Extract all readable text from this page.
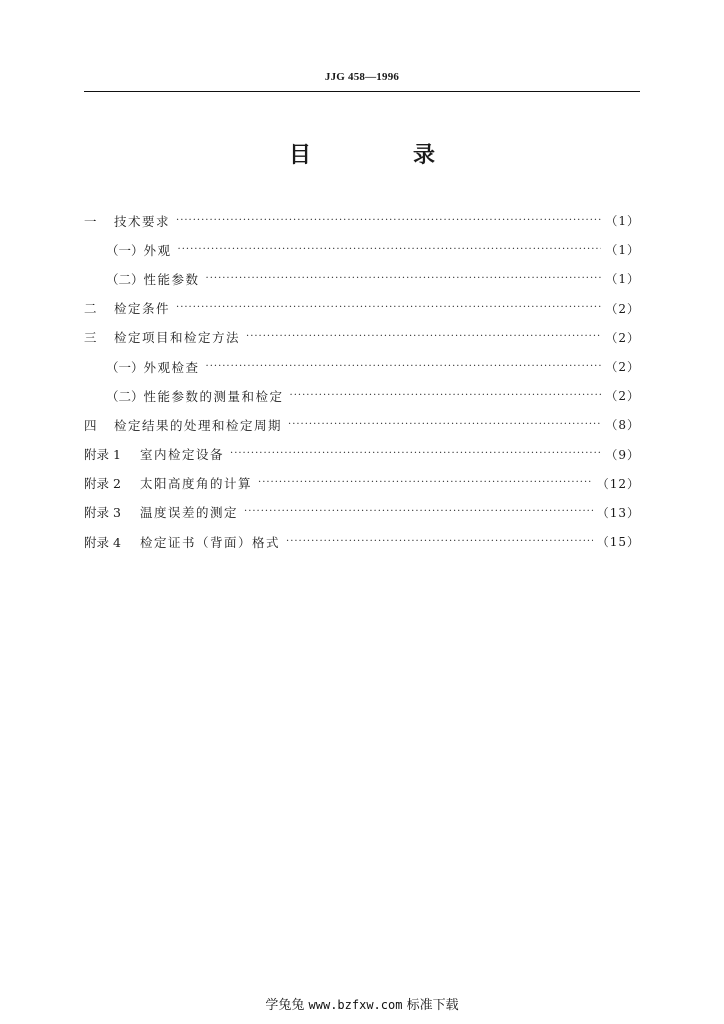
JJG 458—1996
目　录
一	技术要求 ·····	（1）
（一） 外观 ·····	（1）
（二） 性能参数 ·····	（1）
二	检定条件 ·····	（2）
三	检定项目和检定方法 ·····	（2）
（一） 外观检查 ·····	（2）
（二） 性能参数的测量和检定 ·····	（2）
四	检定结果的处理和检定周期 ·····	（8）
附录 1	室内检定设备 ·····	（9）
附录 2	太阳高度角的计算 ·····	（12）
附录 3	温度误差的测定 ·····	（13）
附录 4	检定证书（背面）格式 ·····	（15）
学兔兔 www.bzfxw.com 标准下载
